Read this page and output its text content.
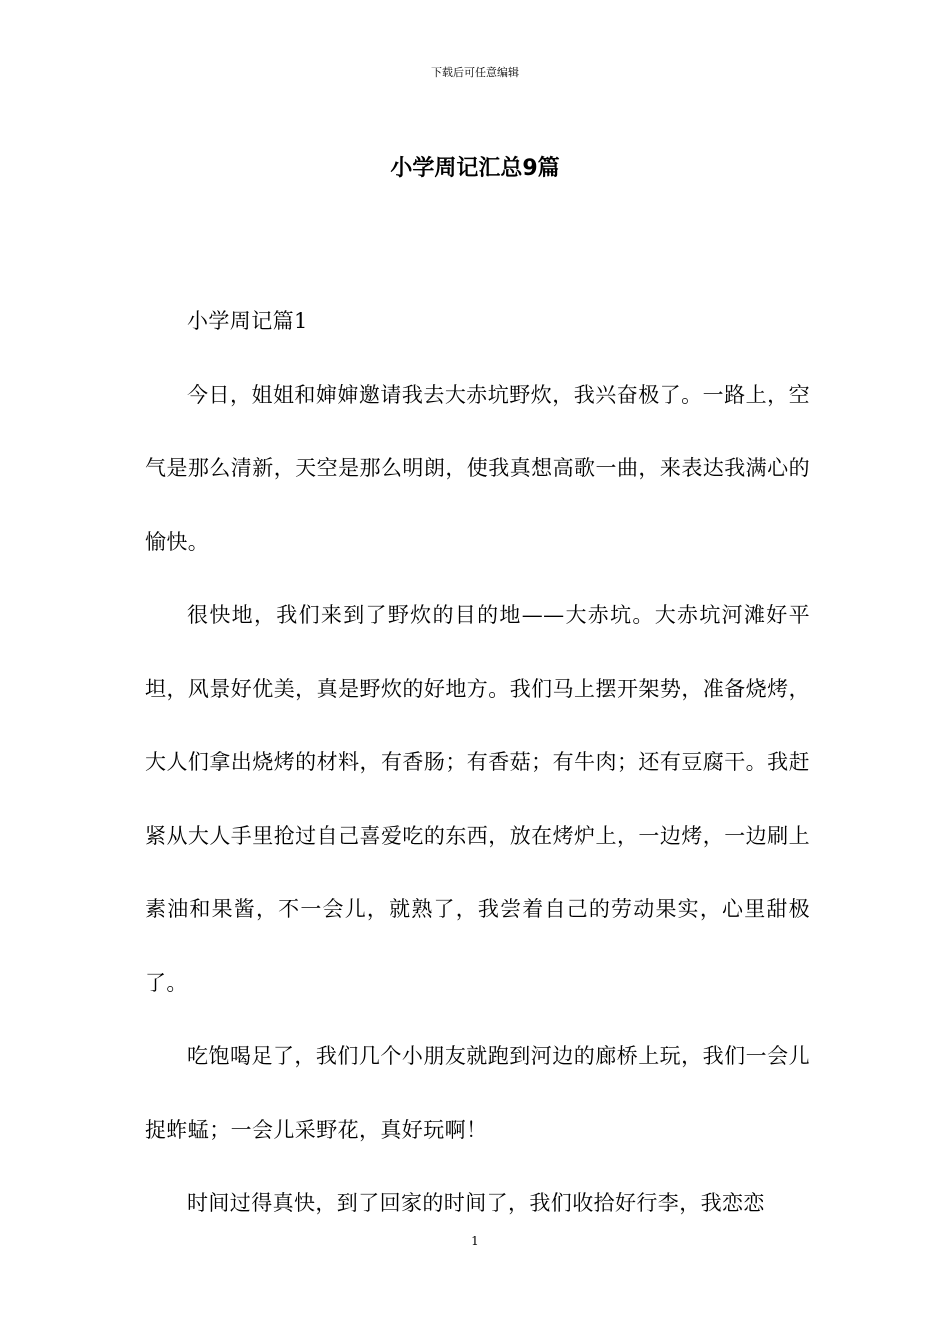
下载后可任意编辑
小学周记汇总9篇

小学周记篇1

今日，姐姐和婶婶邀请我去大赤坑野炊，我兴奋极了。一路上，空气是那么清新，天空是那么明朗，使我真想高歌一曲，来表达我满心的愉快。

很快地，我们来到了野炊的目的地——大赤坑。大赤坑河滩好平坦，风景好优美，真是野炊的好地方。我们马上摆开架势，准备烧烤，大人们拿出烧烤的材料，有香肠；有香菇；有牛肉；还有豆腐干。我赶紧从大人手里抢过自己喜爱吃的东西，放在烤炉上，一边烤，一边刷上素油和果酱，不一会儿，就熟了，我尝着自己的劳动果实，心里甜极了。

吃饱喝足了，我们几个小朋友就跑到河边的廊桥上玩，我们一会儿捉蚱蜢；一会儿采野花，真好玩啊！

时间过得真快，到了回家的时间了，我们收拾好行李，我恋恋

1
